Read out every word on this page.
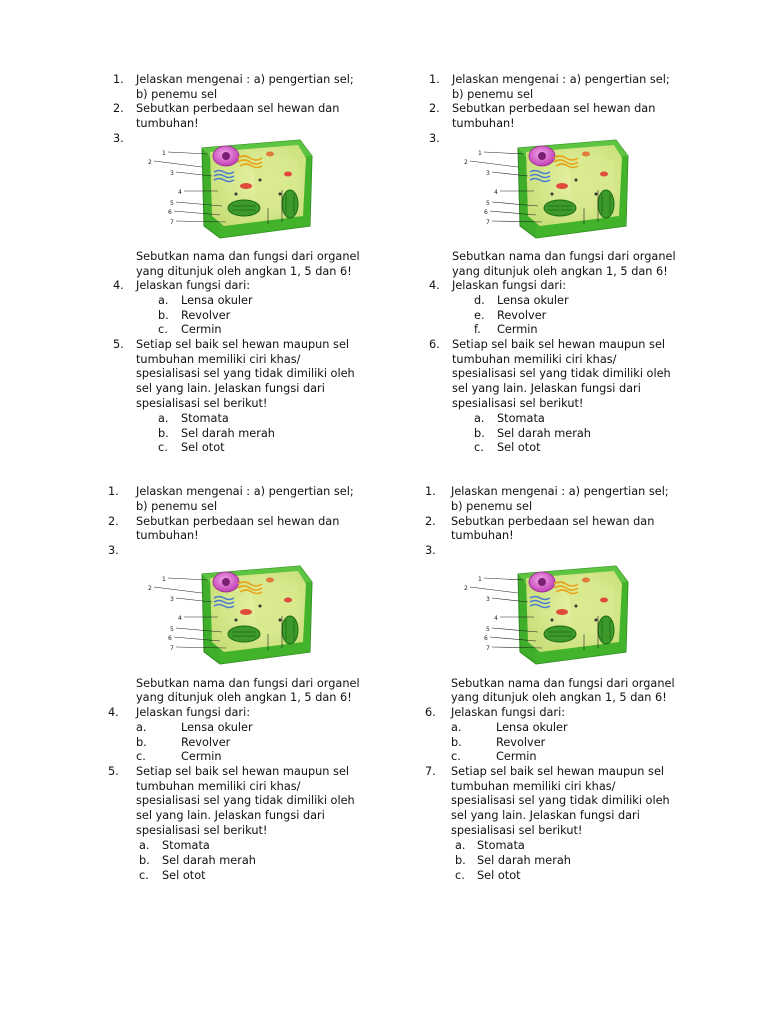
1. Jelaskan mengenai : a) pengertian sel;
b) penemu sel
2. Sebutkan perbedaan sel hewan dan
tumbuhan!
3.
1
2
3
4
5
6
7
Sebutkan nama dan fungsi dari organel
yang ditunjuk oleh angkan 1, 5 dan 6!
4. Jelaskan fungsi dari:
a. Lensa okuler
b. Revolver
c. Cermin
5. Setiap sel baik sel hewan maupun sel
tumbuhan memiliki ciri khas/
spesialisasi sel yang tidak dimiliki oleh
sel yang lain. Jelaskan fungsi dari
spesialisasi sel berikut!
a. Stomata
b. Sel darah merah
c. Sel otot
1. Jelaskan mengenai : a) pengertian sel;
b) penemu sel
2. Sebutkan perbedaan sel hewan dan
tumbuhan!
3.
1
2
3
4
5
6
7
Sebutkan nama dan fungsi dari organel
yang ditunjuk oleh angkan 1, 5 dan 6!
4. Jelaskan fungsi dari:
d. Lensa okuler
e. Revolver
f. Cermin
6. Setiap sel baik sel hewan maupun sel
tumbuhan memiliki ciri khas/
spesialisasi sel yang tidak dimiliki oleh
sel yang lain. Jelaskan fungsi dari
spesialisasi sel berikut!
a. Stomata
b. Sel darah merah
c. Sel otot
1. Jelaskan mengenai : a) pengertian sel;
b) penemu sel
2. Sebutkan perbedaan sel hewan dan
tumbuhan!
3.
1
2
3
4
5
6
7
Sebutkan nama dan fungsi dari organel
yang ditunjuk oleh angkan 1, 5 dan 6!
4. Jelaskan fungsi dari:
a.	Lensa okuler
b.	Revolver
c.	Cermin
5. Setiap sel baik sel hewan maupun sel
tumbuhan memiliki ciri khas/
spesialisasi sel yang tidak dimiliki oleh
sel yang lain. Jelaskan fungsi dari
spesialisasi sel berikut!
a. Stomata
b. Sel darah merah
c. Sel otot
1. Jelaskan mengenai : a) pengertian sel;
b) penemu sel
2. Sebutkan perbedaan sel hewan dan
tumbuhan!
3.
1
2
3
4
5
6
7
Sebutkan nama dan fungsi dari organel
yang ditunjuk oleh angkan 1, 5 dan 6!
6. Jelaskan fungsi dari:
a.	Lensa okuler
b.	Revolver
c.	Cermin
7. Setiap sel baik sel hewan maupun sel
tumbuhan memiliki ciri khas/
spesialisasi sel yang tidak dimiliki oleh
sel yang lain. Jelaskan fungsi dari
spesialisasi sel berikut!
a. Stomata
b. Sel darah merah
c. Sel otot
